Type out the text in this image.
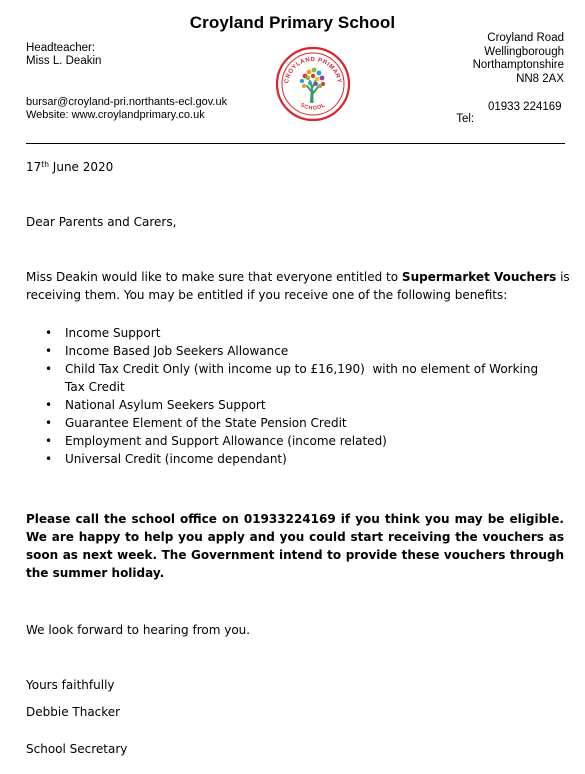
Croyland Primary School
Headteacher:
Miss L. Deakin
bursar@croyland-pri.northants-ecl.gov.uk
Website: www.croylandprimary.co.uk
CROYLAND PRIMARY
SCHOOL
Croyland Road
Wellingborough
Northamptonshire
NN8 2AX

Tel:

01933 224169

17th June 2020
Dear Parents and Carers,
Miss Deakin would like to make sure that everyone entitled to Supermarket Vouchers is receiving them. You may be entitled if you receive one of the following benefits:
• Income Support
• Income Based Job Seekers Allowance
• Child Tax Credit Only (with income up to £16,190)  with no element of Working Tax Credit
• National Asylum Seekers Support
• Guarantee Element of the State Pension Credit
• Employment and Support Allowance (income related)
• Universal Credit (income dependant)
Please call the school office on 01933224169 if you think you may be eligible. We are happy to help you apply and you could start receiving the vouchers as soon as next week. The Government intend to provide these vouchers through the summer holiday.
We look forward to hearing from you.
Yours faithfully
Debbie Thacker
School Secretary
